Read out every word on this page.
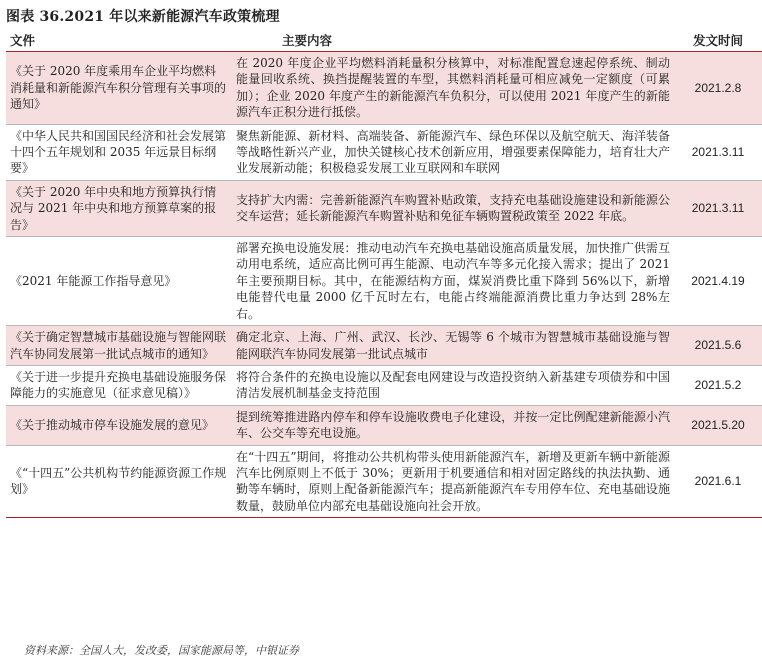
图表 36.2021 年以来新能源汽车政策梳理
文件	主要内容	发文时间
《关于 2020 年度乘用车企业平均燃料消耗量和新能源汽车积分管理有关事项的通知》	在 2020 年度企业平均燃料消耗量积分核算中，对标准配置怠速起停系统、制动能量回收系统、换挡提醒装置的车型，其燃料消耗量可相应减免一定额度（可累加）；企业 2020 年度产生的新能源汽车负积分，可以使用 2021 年度产生的新能源汽车正积分进行抵偿。	2021.2.8
《中华人民共和国国民经济和社会发展第十四个五年规划和 2035 年远景目标纲要》	聚焦新能源、新材料、高端装备、新能源汽车、绿色环保以及航空航天、海洋装备等战略性新兴产业，加快关键核心技术创新应用，增强要素保障能力，培育壮大产业发展新动能；积极稳妥发展工业互联网和车联网	2021.3.11
《关于 2020 年中央和地方预算执行情况与 2021 年中央和地方预算草案的报告》	支持扩大内需：完善新能源汽车购置补贴政策，支持充电基础设施建设和新能源公交车运营；延长新能源汽车购置补贴和免征车辆购置税政策至 2022 年底。	2021.3.11
《2021 年能源工作指导意见》	部署充换电设施发展：推动电动汽车充换电基础设施高质量发展，加快推广供需互动用电系统，适应高比例可再生能源、电动汽车等多元化接入需求；提出了 2021 年主要预期目标。其中，在能源结构方面，煤炭消费比重下降到 56%以下，新增电能替代电量 2000 亿千瓦时左右，电能占终端能源消费比重力争达到 28%左右。	2021.4.19
《关于确定智慧城市基础设施与智能网联汽车协同发展第一批试点城市的通知》	确定北京、上海、广州、武汉、长沙、无锡等 6 个城市为智慧城市基础设施与智能网联汽车协同发展第一批试点城市	2021.5.6
《关于进一步提升充换电基础设施服务保障能力的实施意见（征求意见稿）》	将符合条件的充换电设施以及配套电网建设与改造投资纳入新基建专项债券和中国清洁发展机制基金支持范围	2021.5.2
《关于推动城市停车设施发展的意见》	提到统筹推进路内停车和停车设施收费电子化建设，并按一定比例配建新能源小汽车、公交车等充电设施。	2021.5.20
《“十四五”公共机构节约能源资源工作规划》	在“十四五”期间，将推动公共机构带头使用新能源汽车，新增及更新车辆中新能源汽车比例原则上不低于 30%；更新用于机要通信和相对固定路线的执法执勤、通勤等车辆时，原则上配备新能源汽车；提高新能源汽车专用停车位、充电基础设施数量，鼓励单位内部充电基础设施向社会开放。	2021.6.1
资料来源：全国人大，发改委，国家能源局等，中银证券
